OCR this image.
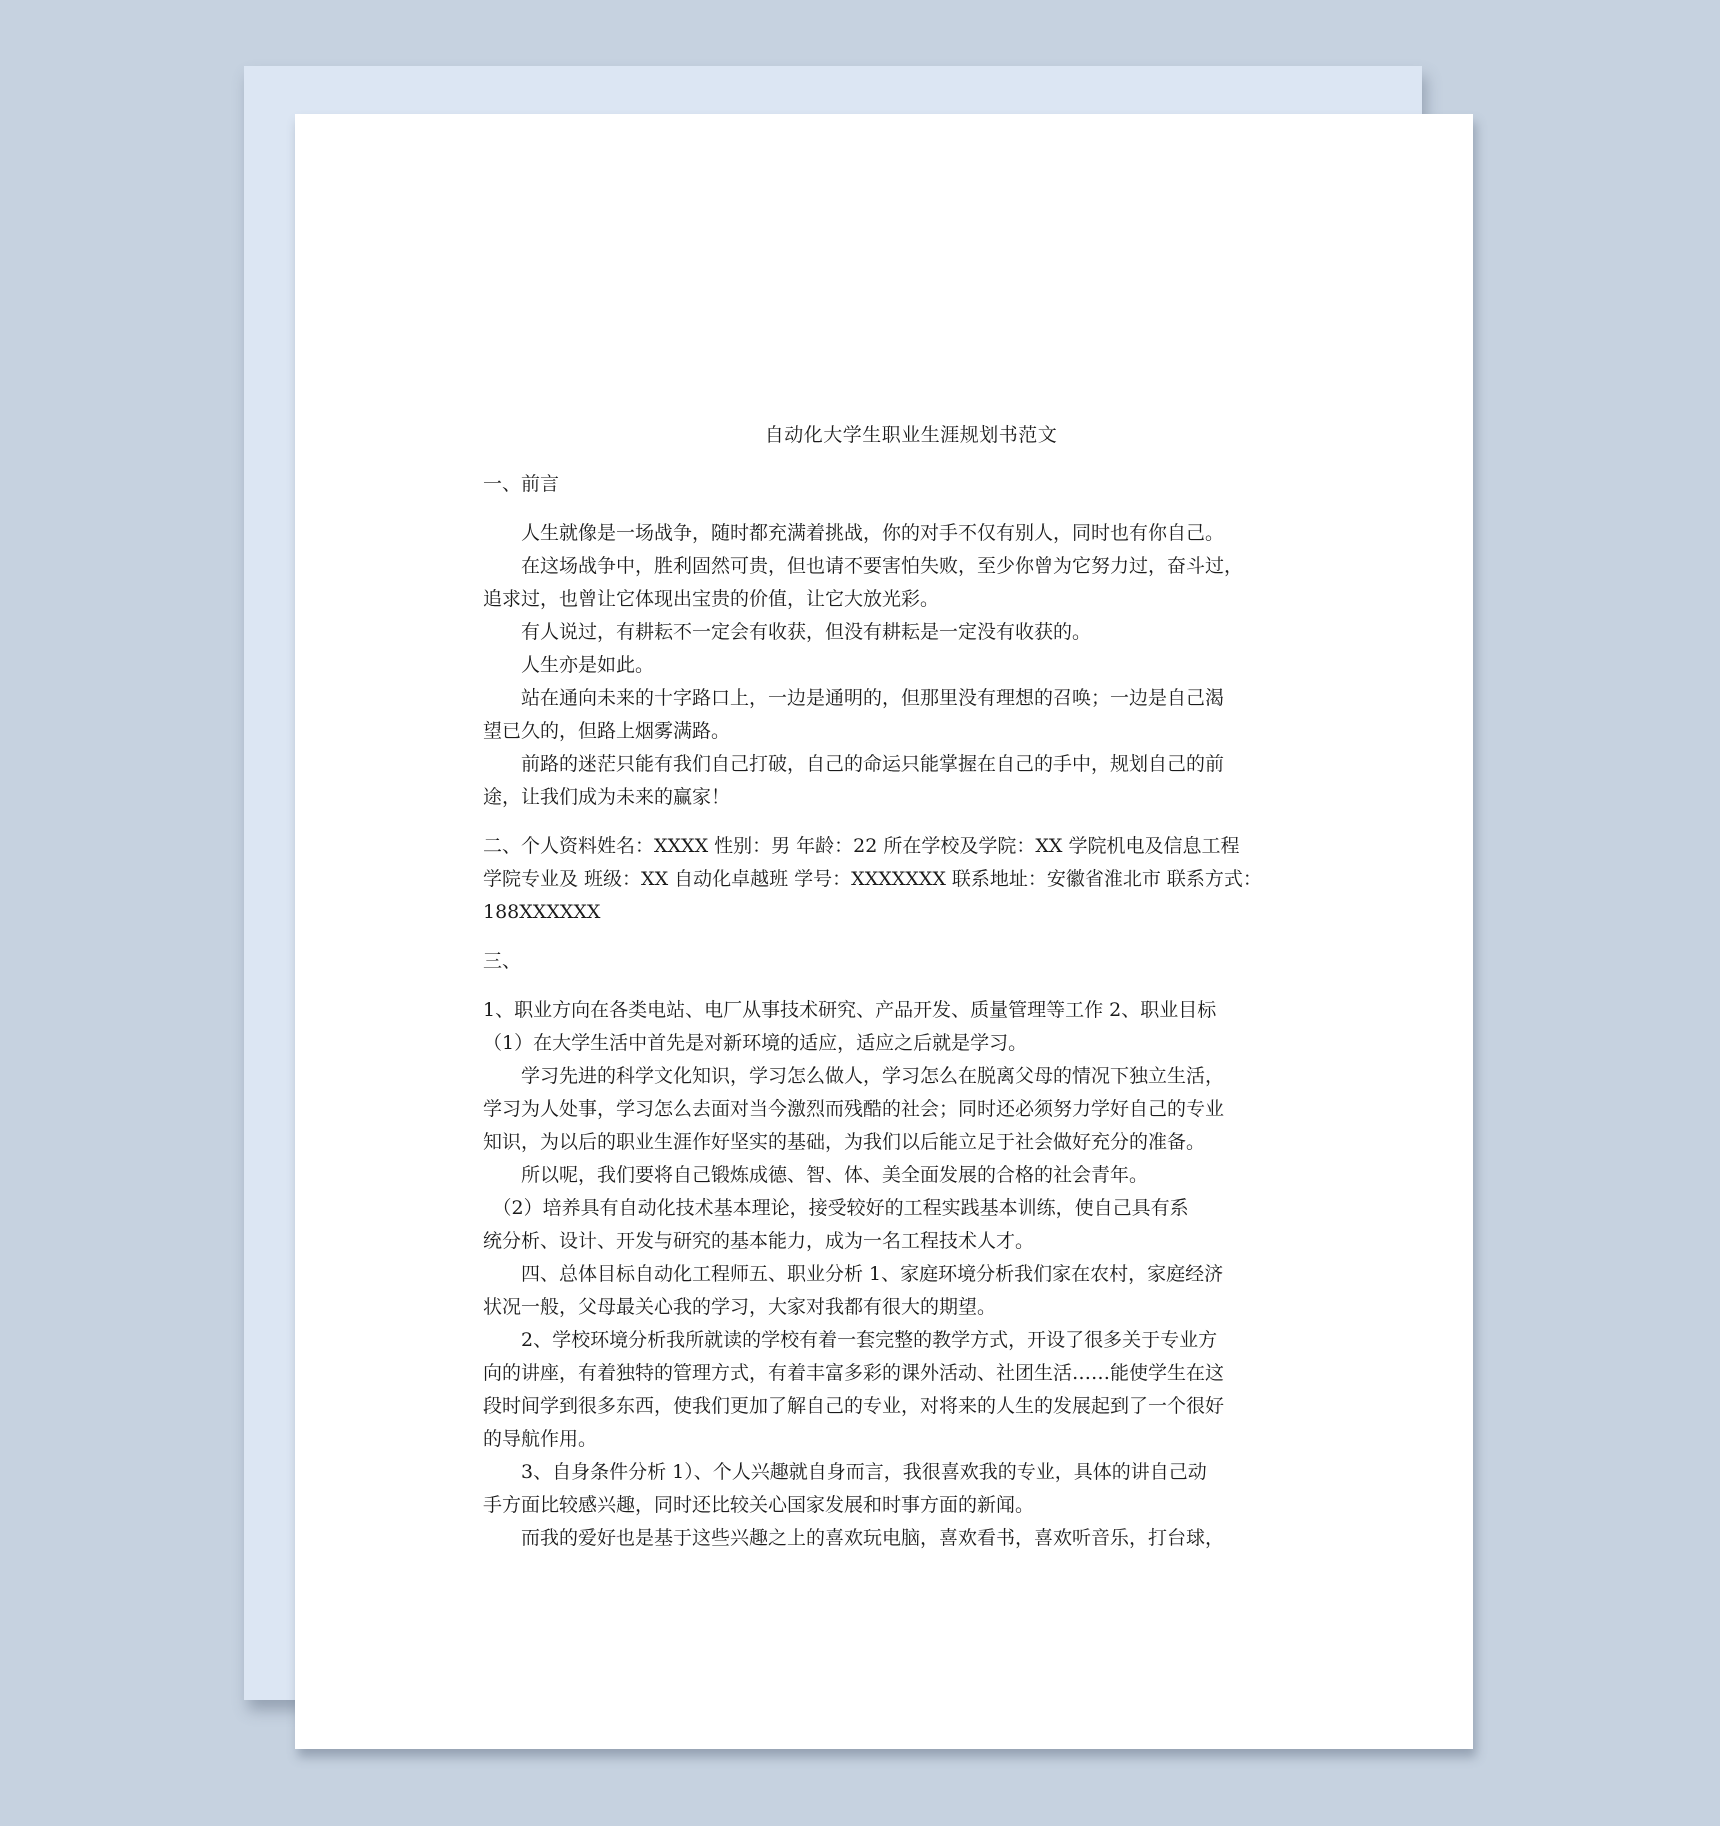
自动化大学生职业生涯规划书范文
一、前言
　　人生就像是一场战争，随时都充满着挑战，你的对手不仅有别人，同时也有你自己。
　　在这场战争中，胜利固然可贵，但也请不要害怕失败，至少你曾为它努力过，奋斗过，
追求过，也曾让它体现出宝贵的价值，让它大放光彩。
　　有人说过，有耕耘不一定会有收获，但没有耕耘是一定没有收获的。
　　人生亦是如此。
　　站在通向未来的十字路口上，一边是通明的，但那里没有理想的召唤；一边是自己渴
望已久的，但路上烟雾满路。
　　前路的迷茫只能有我们自己打破，自己的命运只能掌握在自己的手中，规划自己的前
途，让我们成为未来的赢家！
二、个人资料姓名：XXXX 性别：男 年龄：22 所在学校及学院：XX 学院机电及信息工程
学院专业及 班级：XX 自动化卓越班 学号：XXXXXXX 联系地址：安徽省淮北市 联系方式：
188XXXXXX
三、
1、职业方向在各类电站、电厂从事技术研究、产品开发、质量管理等工作 2、职业目标
（1）在大学生活中首先是对新环境的适应，适应之后就是学习。
　　学习先进的科学文化知识，学习怎么做人，学习怎么在脱离父母的情况下独立生活，
学习为人处事，学习怎么去面对当今激烈而残酷的社会；同时还必须努力学好自己的专业
知识，为以后的职业生涯作好坚实的基础，为我们以后能立足于社会做好充分的准备。
　　所以呢，我们要将自己锻炼成德、智、体、美全面发展的合格的社会青年。
　（2）培养具有自动化技术基本理论，接受较好的工程实践基本训练，使自己具有系
统分析、设计、开发与研究的基本能力，成为一名工程技术人才。
　　四、总体目标自动化工程师五、职业分析 1、家庭环境分析我们家在农村，家庭经济
状况一般，父母最关心我的学习，大家对我都有很大的期望。
　　2、学校环境分析我所就读的学校有着一套完整的教学方式，开设了很多关于专业方
向的讲座，有着独特的管理方式，有着丰富多彩的课外活动、社团生活……能使学生在这
段时间学到很多东西，使我们更加了解自己的专业，对将来的人生的发展起到了一个很好
的导航作用。
　　3、自身条件分析 1）、个人兴趣就自身而言，我很喜欢我的专业，具体的讲自己动
手方面比较感兴趣，同时还比较关心国家发展和时事方面的新闻。
　　而我的爱好也是基于这些兴趣之上的喜欢玩电脑，喜欢看书，喜欢听音乐，打台球，
